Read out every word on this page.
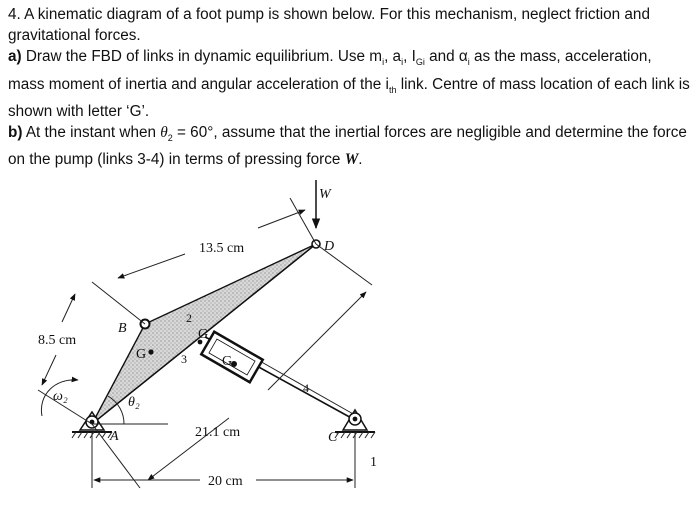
4. A kinematic diagram of a foot pump is shown below. For this mechanism, neglect friction and gravitational forces.

a) Draw the FBD of links in dynamic equilibrium. Use $m_i$, $a_i$, $I_{Gi}$ and $\alpha_i$ as the mass, acceleration, mass moment of inertia and angular acceleration of the $i_{th}$ link. Centre of mass location of each link is shown with letter ‘G’.

b) At the instant when $\theta_2 = 60^\circ$, assume that the inertial forces are negligible and determine the force on the pump (links 3-4) in terms of pressing force W.

13.5 cm
8.5 cm
21.1 cm
20 cm
W
D
B
A	C
G
G
G
ω₂	θ₂
1
2
3
4
